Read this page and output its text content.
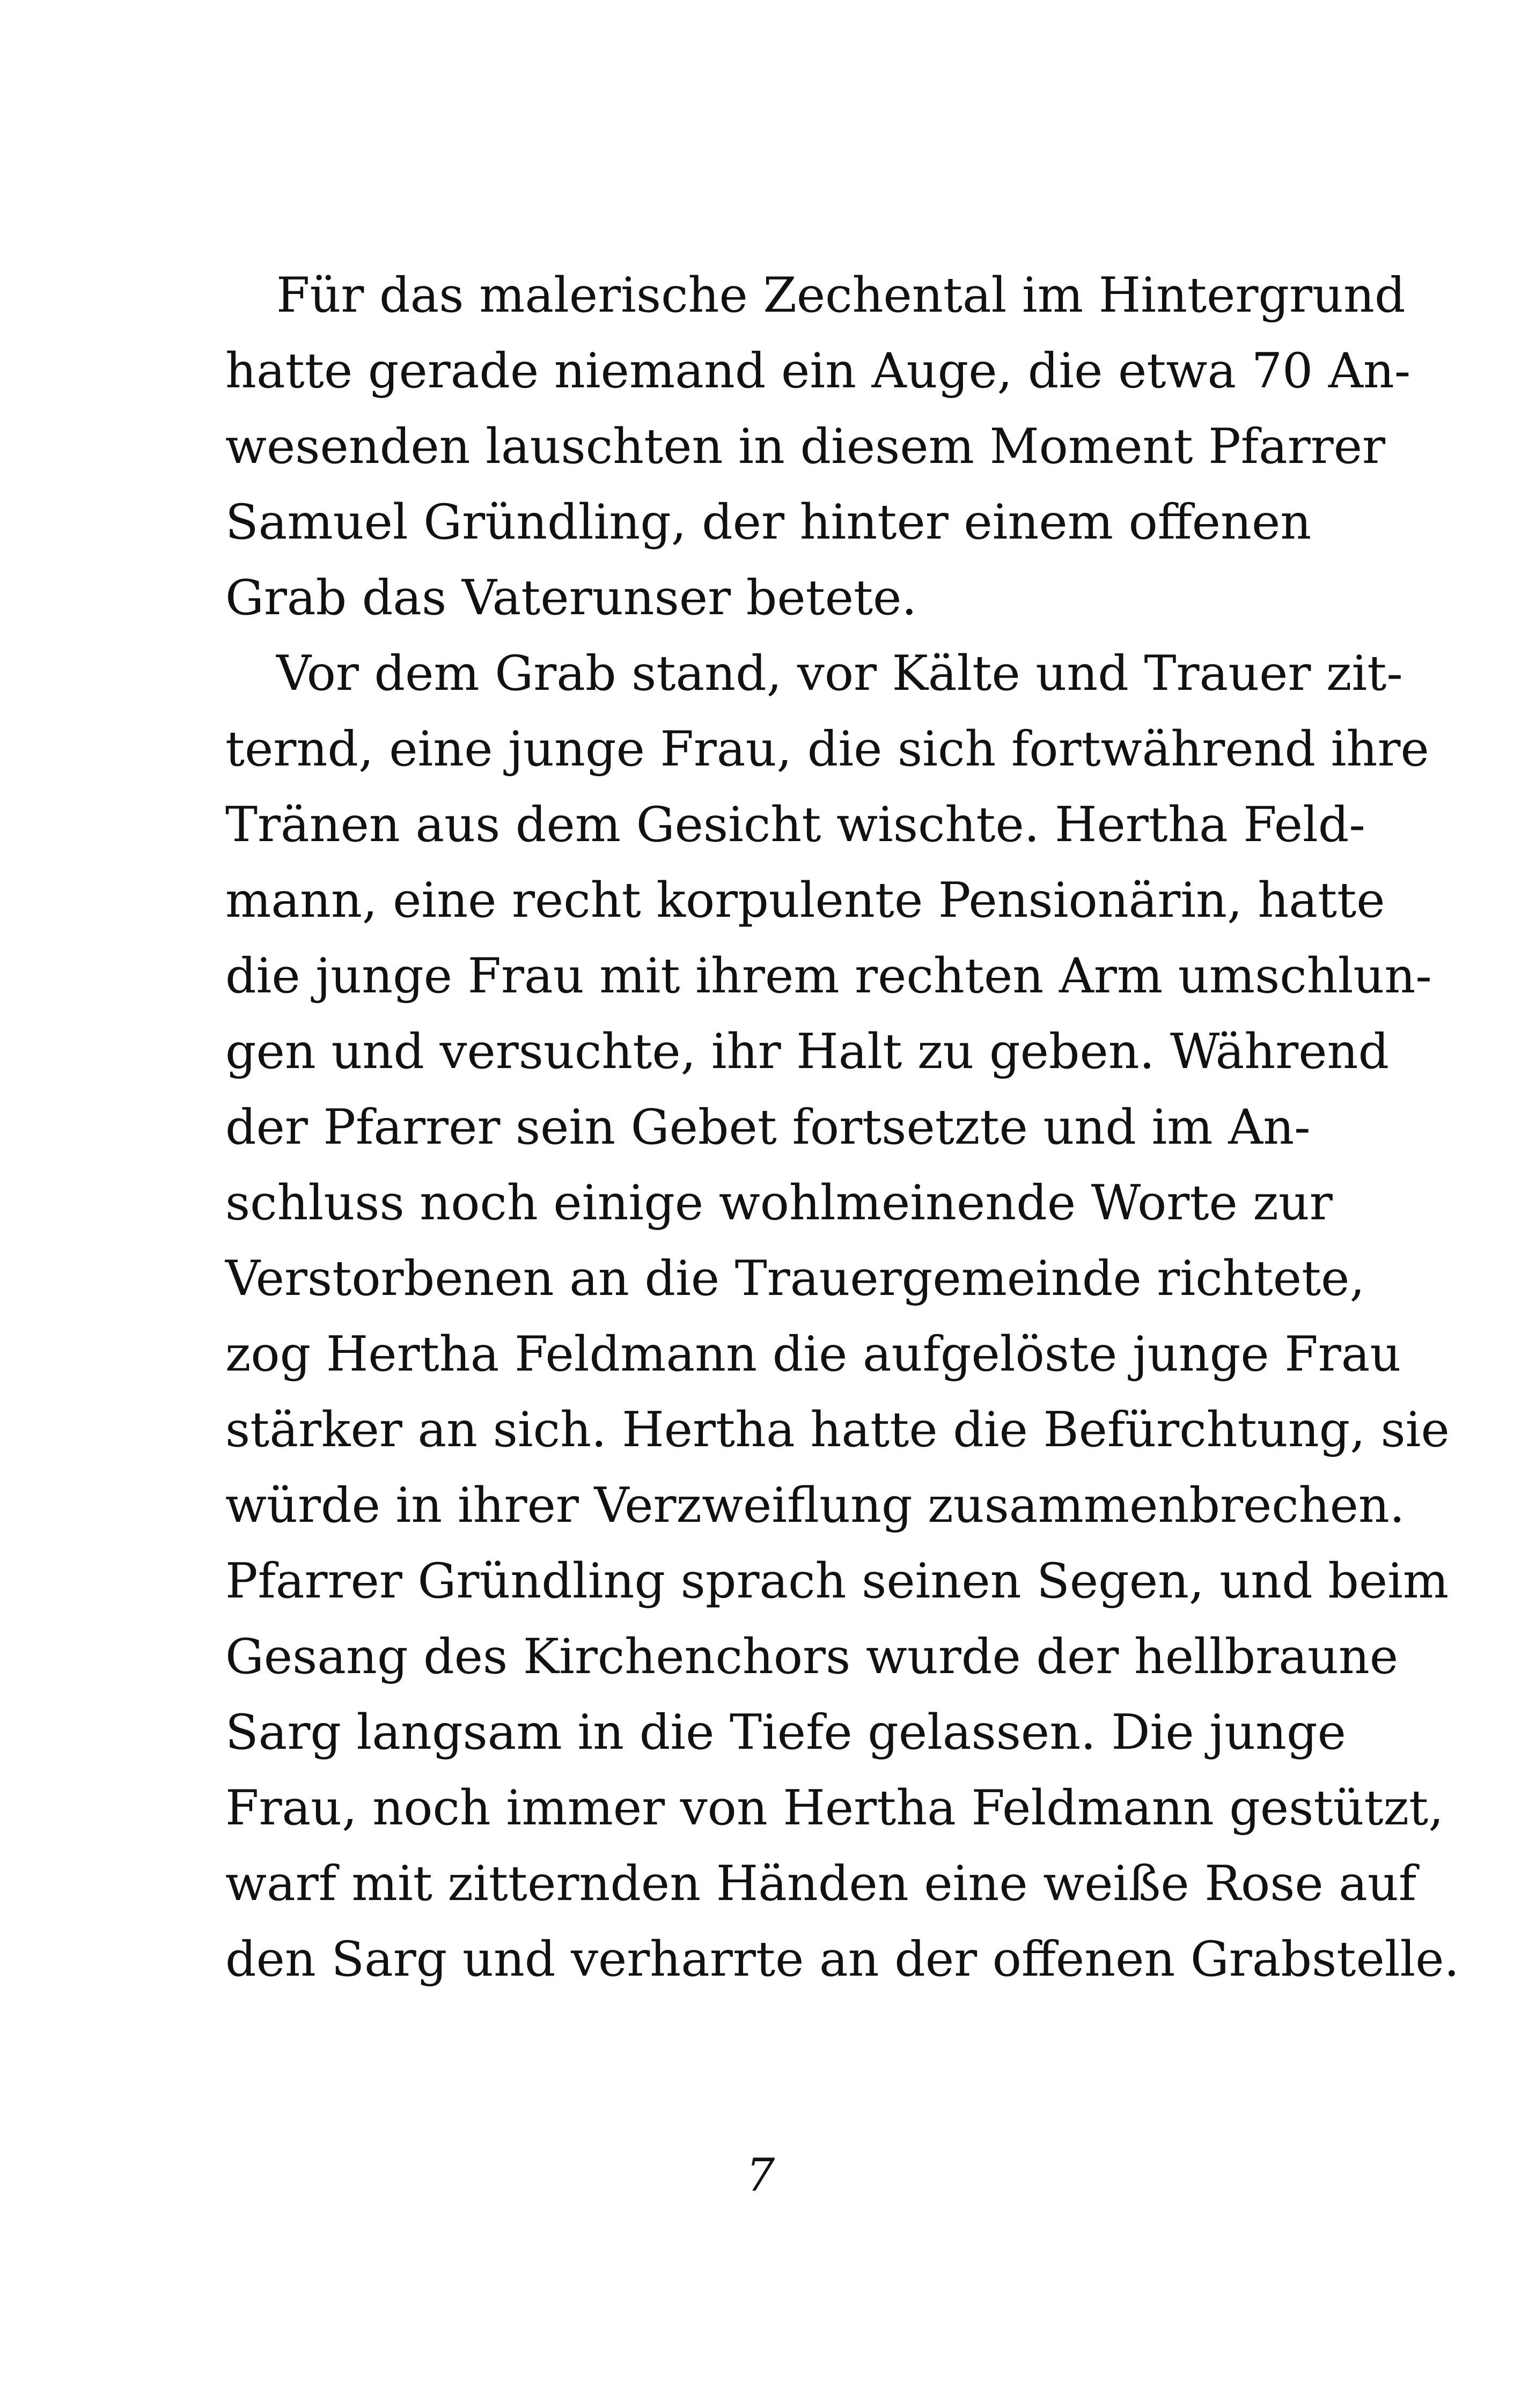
Für das malerische Zechental im Hintergrund
hatte gerade niemand ein Auge, die etwa 70 An-
wesenden lauschten in diesem Moment Pfarrer
Samuel Gründling, der hinter einem offenen
Grab das Vaterunser betete.
Vor dem Grab stand, vor Kälte und Trauer zit-
ternd, eine junge Frau, die sich fortwährend ihre
Tränen aus dem Gesicht wischte. Hertha Feld-
mann, eine recht korpulente Pensionärin, hatte
die junge Frau mit ihrem rechten Arm umschlun-
gen und versuchte, ihr Halt zu geben. Während
der Pfarrer sein Gebet fortsetzte und im An-
schluss noch einige wohlmeinende Worte zur
Verstorbenen an die Trauergemeinde richtete,
zog Hertha Feldmann die aufgelöste junge Frau
stärker an sich. Hertha hatte die Befürchtung, sie
würde in ihrer Verzweiflung zusammenbrechen.
Pfarrer Gründling sprach seinen Segen, und beim
Gesang des Kirchenchors wurde der hellbraune
Sarg langsam in die Tiefe gelassen. Die junge
Frau, noch immer von Hertha Feldmann gestützt,
warf mit zitternden Händen eine weiße Rose auf
den Sarg und verharrte an der offenen Grabstelle.
7
